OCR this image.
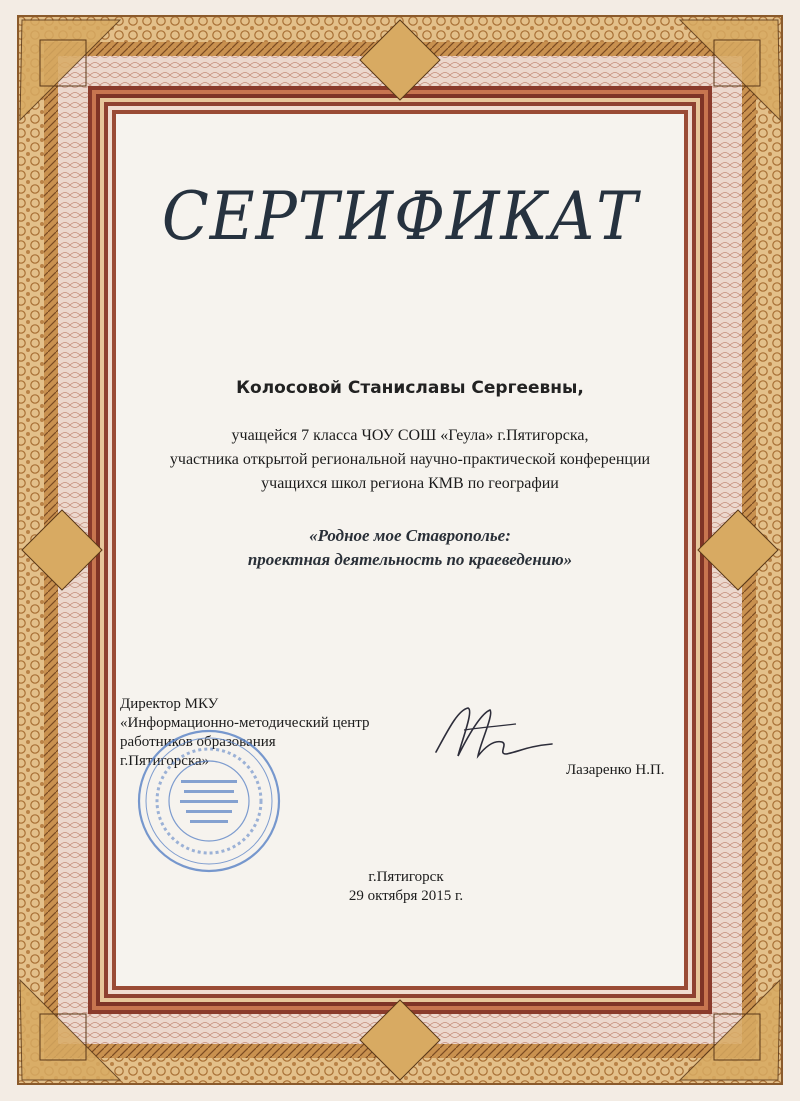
СЕРТИФИКАТ
Колосовой Станиславы Сергеевны,
учащейся 7 класса ЧОУ СОШ «Геула» г.Пятигорска,
участника открытой региональной научно-практической конференции
учащихся школ региона КМВ по географии
«Родное мое Ставрополье:
проектная деятельность по краеведению»
Директор МКУ
«Информационно-методический центр
работников образования
г.Пятигорска»
Лазаренко Н.П.
г.Пятигорск
29 октября 2015 г.
